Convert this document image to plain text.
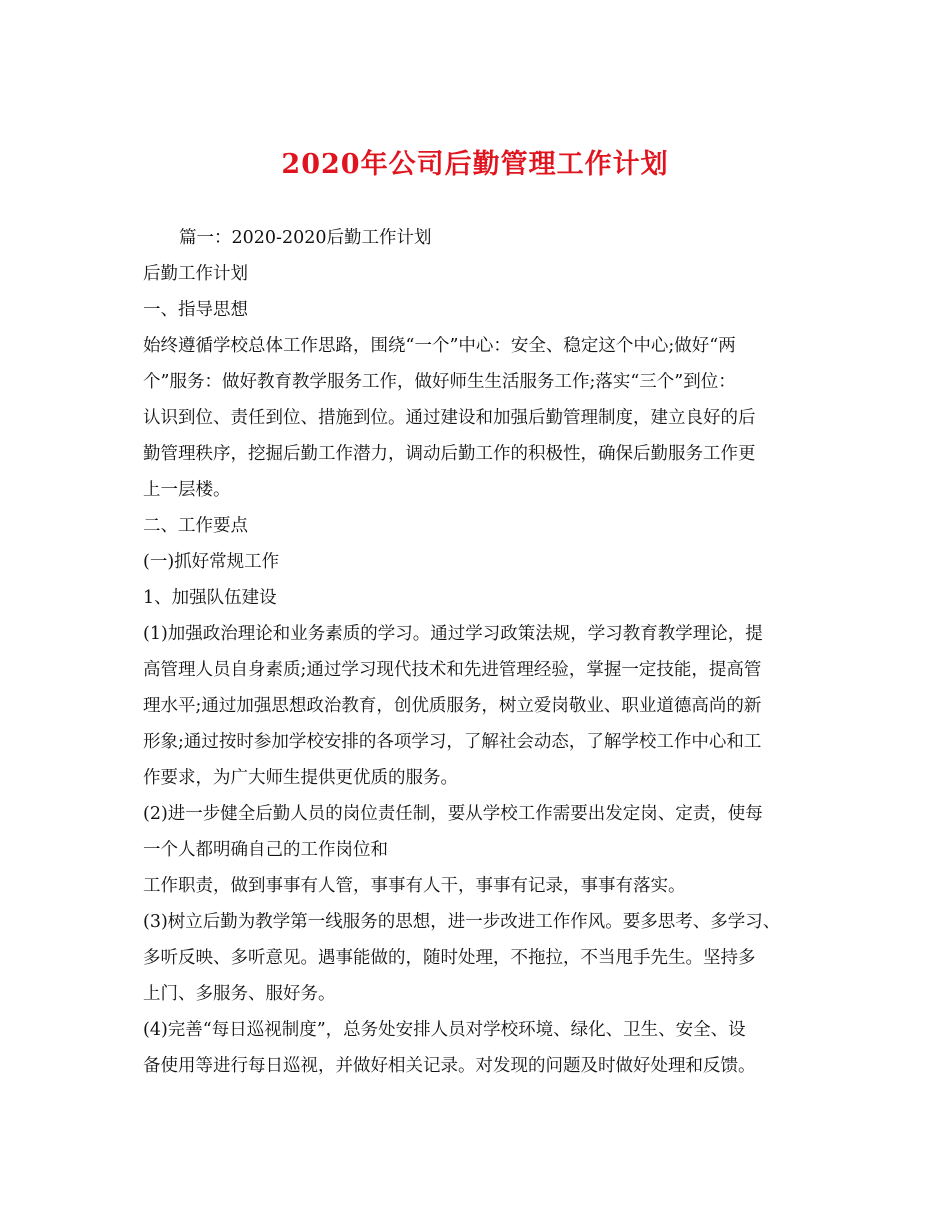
2020年公司后勤管理工作计划
篇一：2020-2020后勤工作计划
后勤工作计划
一、指导思想
始终遵循学校总体工作思路，围绕“一个”中心：安全、稳定这个中心;做好“两
个”服务：做好教育教学服务工作，做好师生生活服务工作;落实“三个”到位：
认识到位、责任到位、措施到位。通过建设和加强后勤管理制度，建立良好的后
勤管理秩序，挖掘后勤工作潜力，调动后勤工作的积极性，确保后勤服务工作更
上一层楼。
二、工作要点
(一)抓好常规工作
1、加强队伍建设
(1)加强政治理论和业务素质的学习。通过学习政策法规，学习教育教学理论，提
高管理人员自身素质;通过学习现代技术和先进管理经验，掌握一定技能，提高管
理水平;通过加强思想政治教育，创优质服务，树立爱岗敬业、职业道德高尚的新
形象;通过按时参加学校安排的各项学习，了解社会动态，了解学校工作中心和工
作要求，为广大师生提供更优质的服务。
(2)进一步健全后勤人员的岗位责任制，要从学校工作需要出发定岗、定责，使每
一个人都明确自己的工作岗位和
工作职责，做到事事有人管，事事有人干，事事有记录，事事有落实。
(3)树立后勤为教学第一线服务的思想，进一步改进工作作风。要多思考、多学习、
多听反映、多听意见。遇事能做的，随时处理，不拖拉，不当甩手先生。坚持多
上门、多服务、服好务。
(4)完善“每日巡视制度”，总务处安排人员对学校环境、绿化、卫生、安全、设
备使用等进行每日巡视，并做好相关记录。对发现的问题及时做好处理和反馈。
